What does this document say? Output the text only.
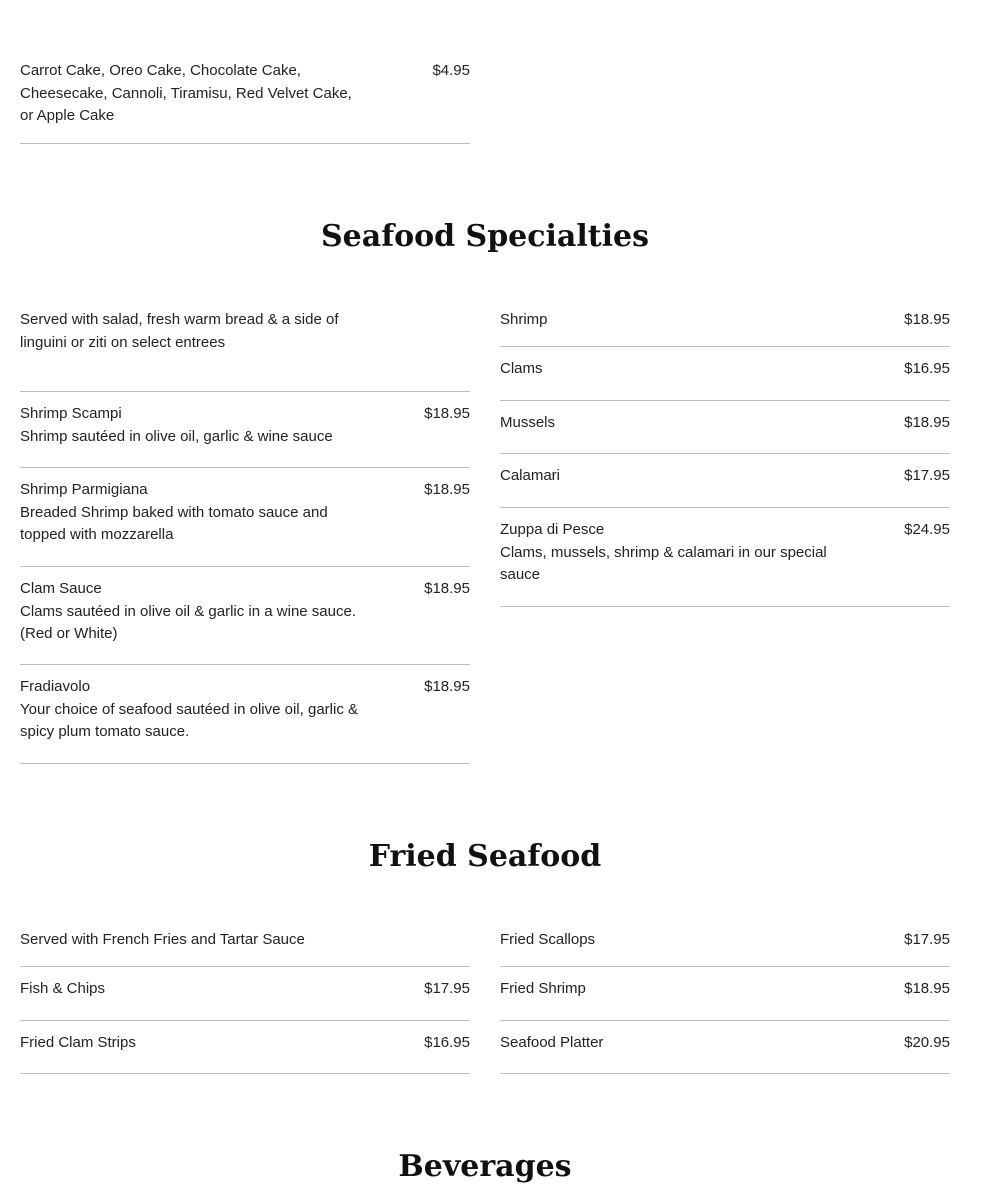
Carrot Cake, Oreo Cake, Chocolate Cake, Cheesecake, Cannoli, Tiramisu, Red Velvet Cake, or Apple Cake
$4.95
Seafood Specialties
Served with salad, fresh warm bread & a side of linguini or ziti on select entrees
Shrimp Scampi
Shrimp sautéed in olive oil, garlic & wine sauce
$18.95
Shrimp Parmigiana
Breaded Shrimp baked with tomato sauce and topped with mozzarella
$18.95
Clam Sauce
Clams sautéed in olive oil & garlic in a wine sauce. (Red or White)
$18.95
Fradiavolo
Your choice of seafood sautéed in olive oil, garlic & spicy plum tomato sauce.
$18.95
Shrimp	$18.95
Clams	$16.95
Mussels	$18.95
Calamari	$17.95
Zuppa di Pesce
Clams, mussels, shrimp & calamari in our special sauce
$24.95
Fried Seafood
Served with French Fries and Tartar Sauce
Fish & Chips	$17.95
Fried Clam Strips	$16.95
Fried Scallops	$17.95
Fried Shrimp	$18.95
Seafood Platter	$20.95
Beverages
